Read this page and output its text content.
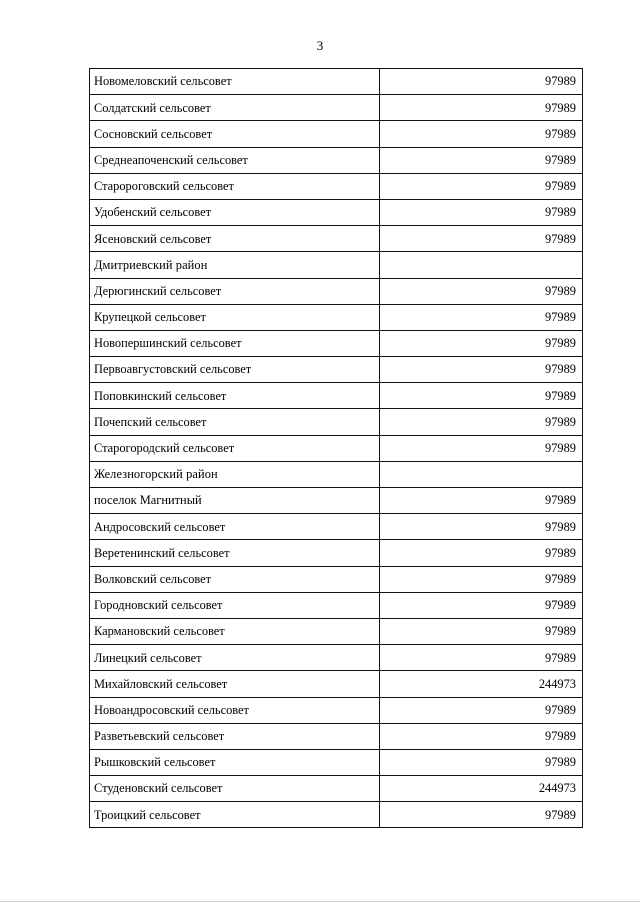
3
Новомеловский сельсовет	97989
Солдатский сельсовет	97989
Сосновский сельсовет	97989
Среднеапоченский сельсовет	97989
Старороговский сельсовет	97989
Удобенский сельсовет	97989
Ясеновский сельсовет	97989
Дмитриевский район	
Дерюгинский сельсовет	97989
Крупецкой сельсовет	97989
Новопершинский сельсовет	97989
Первоавгустовский сельсовет	97989
Поповкинский сельсовет	97989
Почепский сельсовет	97989
Старогородский сельсовет	97989
Железногорский район	
поселок Магнитный	97989
Андросовский сельсовет	97989
Веретенинский сельсовет	97989
Волковский сельсовет	97989
Городновский сельсовет	97989
Кармановский сельсовет	97989
Линецкий сельсовет	97989
Михайловский сельсовет	244973
Новоандросовский сельсовет	97989
Разветьевский сельсовет	97989
Рышковский сельсовет	97989
Студеновский сельсовет	244973
Троицкий сельсовет	97989
